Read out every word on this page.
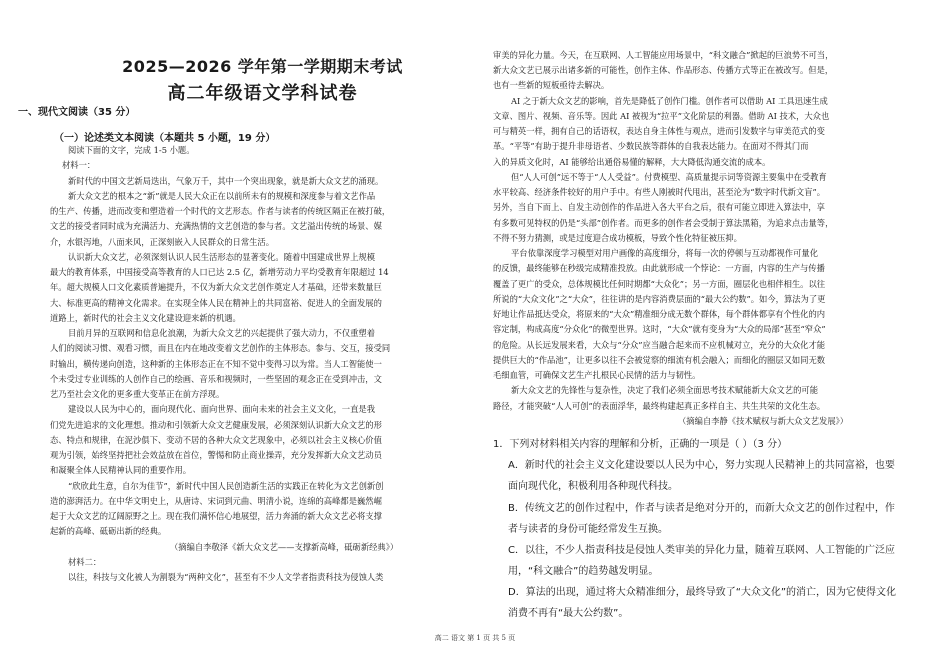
2025—2026 学年第一学期期末考试
高二年级语文学科试卷
一、现代文阅读（35 分）
（一）论述类文本阅读（本题共 5 小题，19 分）
阅读下面的文字，完成 1-5 小题。
材料一：
新时代的中国文艺新局迭出，气象万千，其中一个突出现象，就是新大众文艺的涌现。
新大众文艺的根本之“新”就是人民大众正在以前所未有的规模和深度参与着文艺作品
的生产、传播，进而改变和塑造着一个时代的文艺形态。作者与读者的传统区隔正在被打破，
文艺的接受者同时成为充满活力、充满热情的文艺创造的参与者。文艺溢出传统的场景、媒
介，水银泻地，八面来风，正深刻嵌入人民群众的日常生活。
认识新大众文艺，必须深刻认识人民生活形态的显著变化。随着中国建成世界上规模
最大的教育体系，中国接受高等教育的人口已达 2.5 亿，新增劳动力平均受教育年限超过 14
年。超大规模人口文化素质普遍提升，不仅为新大众文艺创作奠定人才基础，还带来数量巨
大、标准更高的精神文化需求。在实现全体人民在精神上的共同富裕、促进人的全面发展的
道路上，新时代的社会主义文化建设迎来新的机遇。
目前月异的互联网和信息化浪潮，为新大众文艺的兴起提供了强大动力，不仅重塑着
人们的阅读习惯、观看习惯，而且在内在地改变着文艺创作的主体形态。参与、交互，接受同
时输出，横传递向创造，这种新的主体形态正在不知不觉中变得习以为常。当人工智能使一
个未受过专业训练的人创作自己的绘画、音乐和视频时，一些坚固的观念正在受到冲击，文
艺乃至社会文化的更多重大变革正在前方浮现。
建设以人民为中心的，面向现代化、面向世界、面向未来的社会主义文化，一直是我
们党先进追求的文化理想。推动和引领新大众文艺健康发展，必须深刻认识新大众文艺的形
态、特点和规律，在泥沙俱下、变动不居的各种大众文艺现象中，必须以社会主义核心价值
观为引领，始终坚持把社会效益放在首位，警惕和防止商业操弄，充分发挥新大众文艺动员
和凝聚全体人民精神认同的重要作用。
“欣欣此生意，自尔为佳节”，新时代中国人民创造新生活的实践正在转化为文艺创新创
造的澎湃活力。在中华文明史上，从唐诗、宋词到元曲、明清小说，连绵的高峰都是巍然崛
起于大众文艺的辽阔原野之上。现在我们满怀信心地展望，活力奔涌的新大众文艺必将支撑
起新的高峰、砥砺出新的经典。
（摘编自李敬泽《新大众文艺——支撑新高峰，砥砺新经典》）
材料二：
以往，科技与文化被人为割裂为“两种文化”，甚至有不少人文学者指责科技为侵蚀人类
审美的异化力量。今天，在互联网、人工智能应用场景中，“科文融合”掀起的巨浪势不可当，
新大众文艺已展示出诸多新的可能性，创作主体、作品形态、传播方式等正在被改写。但是，
也有一些新的短板亟待去解决。
AI 之于新大众文艺的影响，首先是降低了创作门槛。创作者可以借助 AI 工具迅速生成
文章、图片、视频、音乐等。因此 AI 被视为“拉平”文化阶层的利器。借助 AI 技术，大众也
可与精英一样，拥有自己的话语权，表达自身主体性与观点，进而引发数字与审美范式的变
革。“平等”有助于提升非母语者、少数民族等群体的自我表达能力。在面对不得其门而
入的异质文化时，AI 能够给出通俗易懂的解释，大大降低沟通交流的成本。
但“人人可创”远不等于“人人受益”。付费模型、高质量提示词等资源主要集中在受教育
水平较高、经济条件较好的用户手中。有些人刚被时代甩出，甚至沦为“数字时代新文盲”。
另外，当自下而上、自发主动创作的作品进入各大平台之后，很有可能立即进入算法中，享
有多数可见特权的仍是“头部”创作者。而更多的创作者会受制于算法黑箱，为追求点击量等，
不得不努力猜测，或是过度迎合成功模板，导致个性化特征被压抑。
平台依靠深度学习模型对用户画像的高度细分，将每一次的停顿与互动都视作可量化
的反馈，最终能够在秒级完成精准投放。由此就形成一个悖论：一方面，内容的生产与传播
覆盖了更广的受众，总体规模比任何时期都“大众化”；另一方面，圈层化也相伴相生。以往
所说的“大众文化”之“大众”，往往讲的是内容消费层面的“最大公约数”。如今，算法为了更
好地让作品抵达受众，将原来的“大众”精准细分成无数个群体，每个群体都享有个性化的内
容定制，构成高度“分众化”的微型世界。这时，“大众”就有变身为“大众的局部”甚至“窄众”
的危险。从长远发展来看，大众与“分众”应当融合起来而不应机械对立，充分的大众化才能
提供巨大的“作品池”，让更多以往不会被觉察的细流有机会融入；而细化的圈层又如同无数
毛细血管，可确保文艺生产扎根民心民情的活力与韧性。
新大众文艺的先锋性与复杂性，决定了我们必须全面思考技术赋能新大众文艺的可能
路径，才能突破“人人可创”的表面浮华，最终构建起真正多样自主、共生共荣的文化生态。
（摘编自李静《技术赋权与新大众文艺发展》）
1．下列对材料相关内容的理解和分析，正确的一项是（ ）（3 分）
A．新时代的社会主义文化建设要以人民为中心，努力实现人民精神上的共同富裕，也要
面向现代化，积极利用各种现代科技。
B．传统文艺的创作过程中，作者与读者是绝对分开的，而新大众文艺的创作过程中，作
者与读者的身份可能经常发生互换。
C．以往，不少人指责科技是侵蚀人类审美的异化力量，随着互联网、人工智能的广泛应
用，“科文融合”的趋势越发明显。
D．算法的出现，通过将大众精准细分，最终导致了“大众文化”的消亡，因为它使得文化
消费不再有“最大公约数”。
高二 语文 第 1 页 共 5 页
